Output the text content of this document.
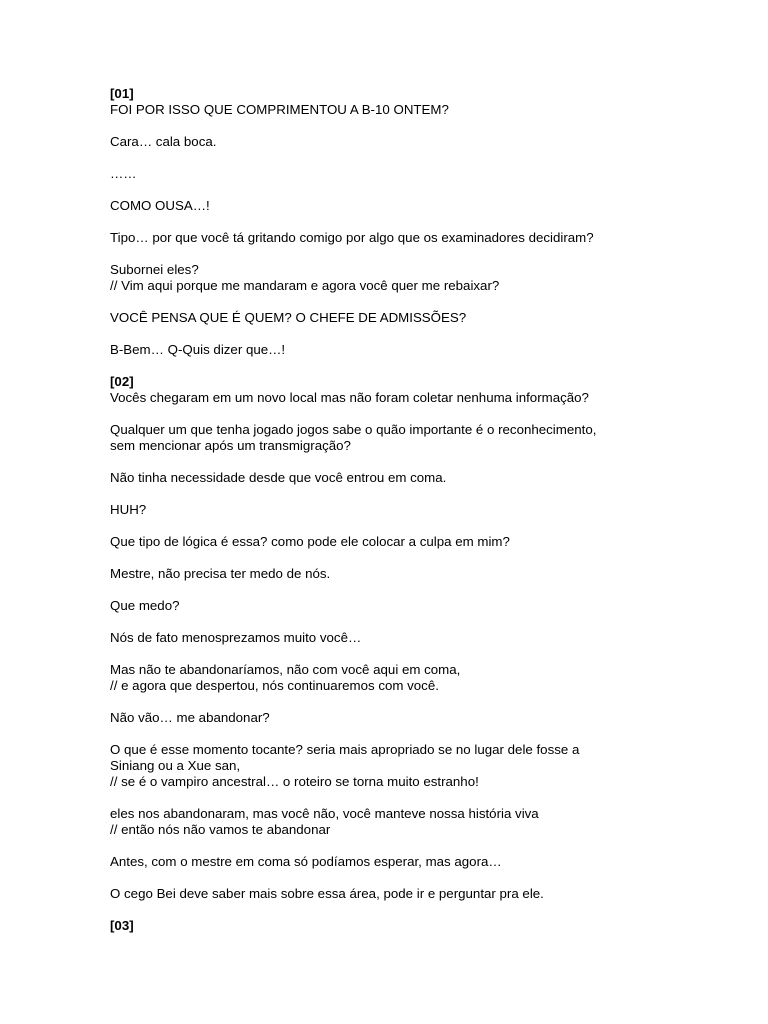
[01]
FOI POR ISSO QUE COMPRIMENTOU A B-10 ONTEM?
Cara… cala boca.
……
COMO OUSA…!
Tipo… por que você tá gritando comigo por algo que os examinadores decidiram?
Subornei eles?
// Vim aqui porque me mandaram e agora você quer me rebaixar?
VOCÊ PENSA QUE É QUEM? O CHEFE DE ADMISSÕES?
B-Bem… Q-Quis dizer que…!
[02]
Vocês chegaram em um novo local mas não foram coletar nenhuma informação?
Qualquer um que tenha jogado jogos sabe o quão importante é o reconhecimento,
sem mencionar após um transmigração?
Não tinha necessidade desde que você entrou em coma.
HUH?
Que tipo de lógica é essa? como pode ele colocar a culpa em mim?
Mestre, não precisa ter medo de nós.
Que medo?
Nós de fato menosprezamos muito você…
Mas não te abandonaríamos, não com você aqui em coma,
// e agora que despertou, nós continuaremos com você.
Não vão… me abandonar?
O que é esse momento tocante? seria mais apropriado se no lugar dele fosse a
Siniang ou a Xue san,
// se é o vampiro ancestral… o roteiro se torna muito estranho!
eles nos abandonaram, mas você não, você manteve nossa história viva
// então nós não vamos te abandonar
Antes, com o mestre em coma só podíamos esperar, mas agora…
O cego Bei deve saber mais sobre essa área, pode ir e perguntar pra ele.
[03]
